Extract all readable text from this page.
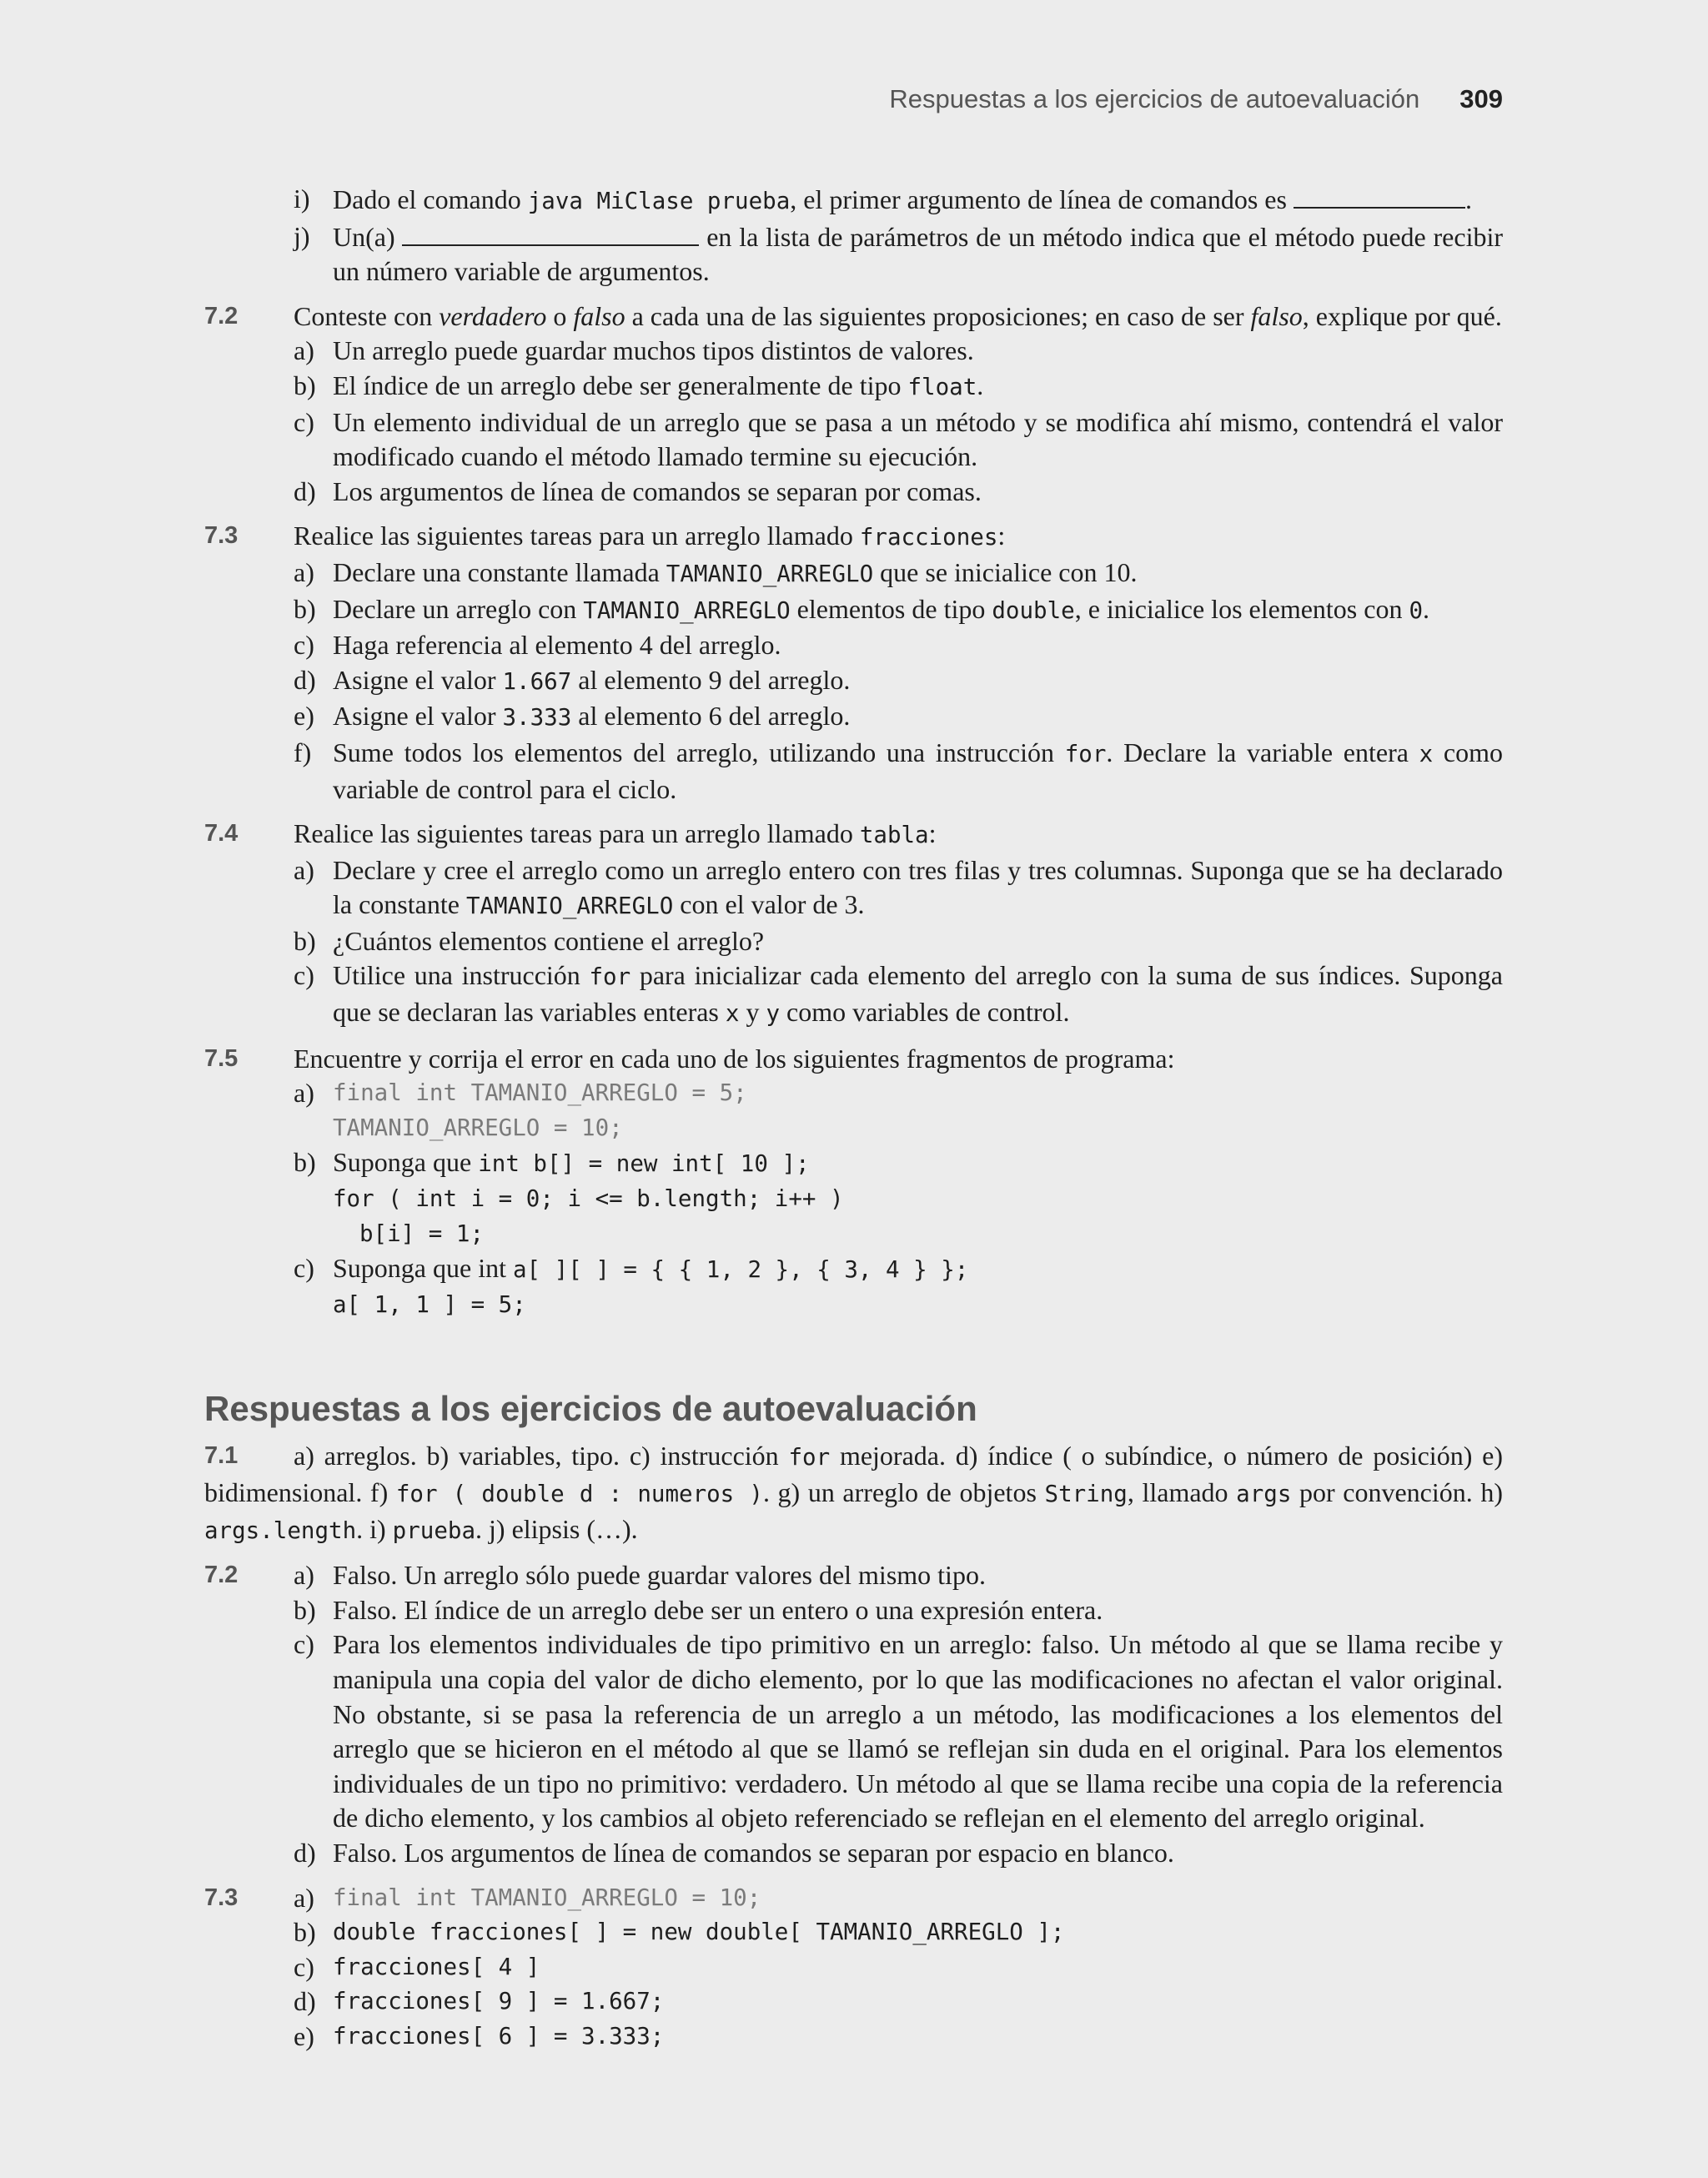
Respuestas a los ejercicios de autoevaluación 309
i) Dado el comando java MiClase prueba, el primer argumento de línea de comandos es	.
j) Un(a)	en la lista de parámetros de un método indica que el método puede recibir un número variable de argumentos.
7.2 Conteste con verdadero o falso a cada una de las siguientes proposiciones; en caso de ser falso, explique por qué.
a) Un arreglo puede guardar muchos tipos distintos de valores.
b) El índice de un arreglo debe ser generalmente de tipo float.
c) Un elemento individual de un arreglo que se pasa a un método y se modifica ahí mismo, contendrá el valor modificado cuando el método llamado termine su ejecución.
d) Los argumentos de línea de comandos se separan por comas.
7.3 Realice las siguientes tareas para un arreglo llamado fracciones:
a) Declare una constante llamada TAMANIO_ARREGLO que se inicialice con 10.
b) Declare un arreglo con TAMANIO_ARREGLO elementos de tipo double, e inicialice los elementos con 0.
c) Haga referencia al elemento 4 del arreglo.
d) Asigne el valor 1.667 al elemento 9 del arreglo.
e) Asigne el valor 3.333 al elemento 6 del arreglo.
f) Sume todos los elementos del arreglo, utilizando una instrucción for. Declare la variable entera x como variable de control para el ciclo.
7.4 Realice las siguientes tareas para un arreglo llamado tabla:
a) Declare y cree el arreglo como un arreglo entero con tres filas y tres columnas. Suponga que se ha declarado la constante TAMANIO_ARREGLO con el valor de 3.
b) ¿Cuántos elementos contiene el arreglo?
c) Utilice una instrucción for para inicializar cada elemento del arreglo con la suma de sus índices. Suponga que se declaran las variables enteras x y y como variables de control.
7.5 Encuentre y corrija el error en cada uno de los siguientes fragmentos de programa:
a) final int TAMANIO_ARREGLO = 5;
TAMANIO_ARREGLO = 10;
b) Suponga que int b[] = new int[ 10 ];
for ( int i = 0; i <= b.length; i++ )
b[i] = 1;
c) Suponga que int a[ ][ ] = { { 1, 2 }, { 3, 4 } };
a[ 1, 1 ] = 5;
Respuestas a los ejercicios de autoevaluación
7.1 a) arreglos. b) variables, tipo. c) instrucción for mejorada. d) índice ( o subíndice, o número de posición) e) bidimensional. f) for ( double d : numeros ). g) un arreglo de objetos String, llamado args por convención. h) args.length. i) prueba. j) elipsis (…).
7.2 a) Falso. Un arreglo sólo puede guardar valores del mismo tipo.
b) Falso. El índice de un arreglo debe ser un entero o una expresión entera.
c) Para los elementos individuales de tipo primitivo en un arreglo: falso. Un método al que se llama recibe y manipula una copia del valor de dicho elemento, por lo que las modificaciones no afectan el valor original. No obstante, si se pasa la referencia de un arreglo a un método, las modificaciones a los elementos del arreglo que se hicieron en el método al que se llamó se reflejan sin duda en el original. Para los elementos individuales de un tipo no primitivo: verdadero. Un método al que se llama recibe una copia de la referencia de dicho elemento, y los cambios al objeto referenciado se reflejan en el elemento del arreglo original.
d) Falso. Los argumentos de línea de comandos se separan por espacio en blanco.
7.3 a) final int TAMANIO_ARREGLO = 10;
b) double fracciones[ ] = new double[ TAMANIO_ARREGLO ];
c) fracciones[ 4 ]
d) fracciones[ 9 ] = 1.667;
e) fracciones[ 6 ] = 3.333;
